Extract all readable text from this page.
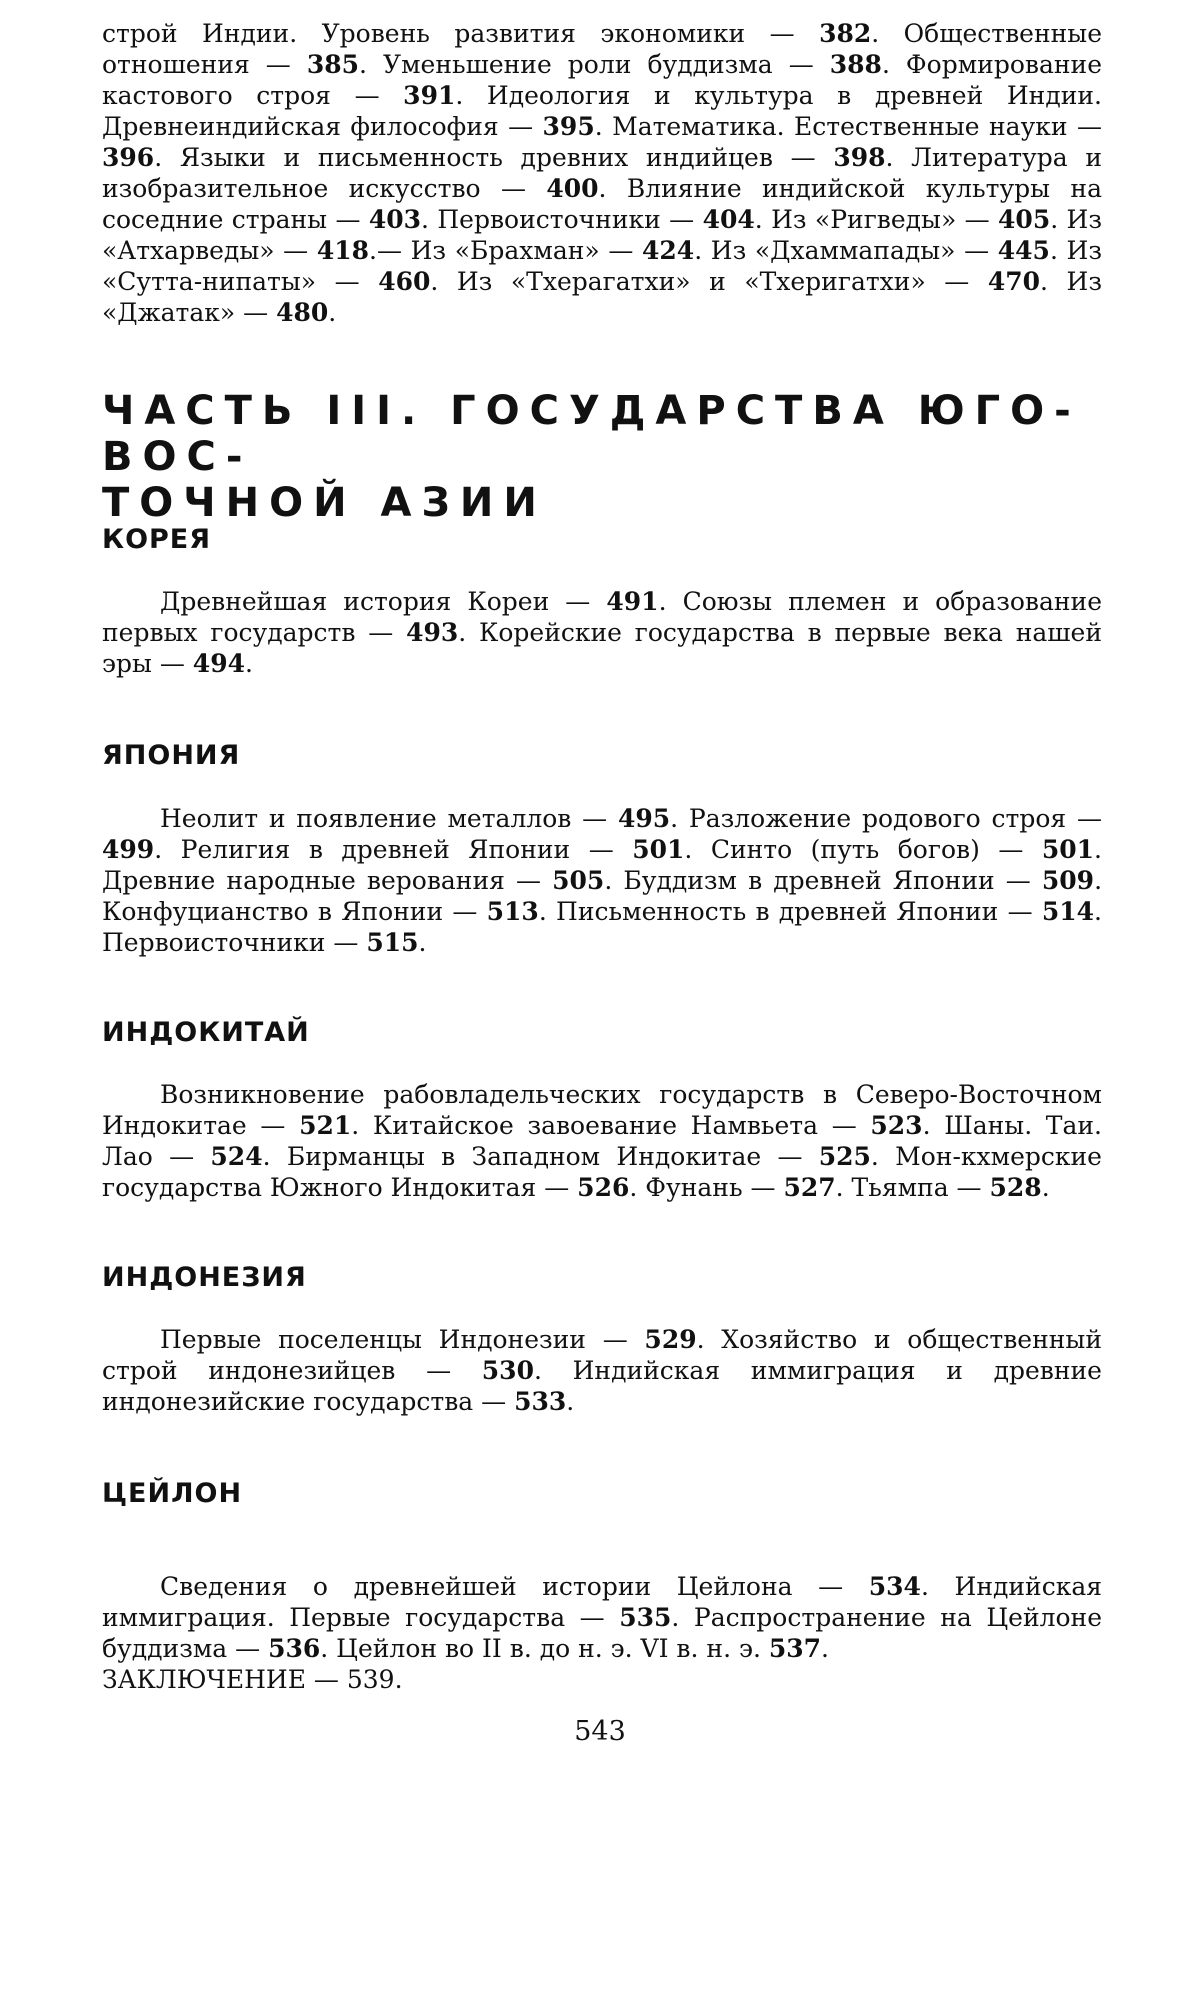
строй Индии. Уровень развития экономики — 382. Общественные отношения — 385. Уменьшение роли буддизма — 388. Формирование кастового строя — 391. Идеология и культура в древней Индии. Древнеиндийская философия — 395. Математика. Естественные науки — 396. Языки и письменность древних индийцев — 398. Литература и изобразительное искусство — 400. Влияние индийской культуры на соседние страны — 403. Первоисточники — 404. Из «Ригведы» — 405. Из «Атхарведы» — 418.— Из «Брахман» — 424. Из «Дхаммапады» — 445. Из «Сутта-нипаты» — 460. Из «Тхерагатхи» и «Тхеригатхи» — 470. Из «Джатак» — 480.
ЧАСТЬ III. ГОСУДАРСТВА ЮГО-ВОС-
ТОЧНОЙ АЗИИ
КОРЕЯ
Древнейшая история Кореи — 491. Союзы племен и образование первых государств — 493. Корейские государства в первые века нашей эры — 494.
ЯПОНИЯ
Неолит и появление металлов — 495. Разложение родового строя — 499. Религия в древней Японии — 501. Синто (путь богов) — 501. Древние народные верования — 505. Буддизм в древней Японии — 509. Конфуцианство в Японии — 513. Письменность в древней Японии — 514. Первоисточники — 515.
ИНДОКИТАЙ
Возникновение рабовладельческих государств в Северо-Восточном Индокитае — 521. Китайское завоевание Намвьета — 523. Шаны. Таи. Лао — 524. Бирманцы в Западном Индокитае — 525. Мон-кхмерские государства Южного Индокитая — 526. Фунань — 527. Тьямпа — 528.
ИНДОНЕЗИЯ
Первые поселенцы Индонезии — 529. Хозяйство и общественный строй индонезийцев — 530. Индийская иммиграция и древние индонезийские государства — 533.
ЦЕЙЛОН
Сведения о древнейшей истории Цейлона — 534. Индийская иммиграция. Первые государства — 535. Распространение на Цейлоне буддизма — 536. Цейлон во II в. до н. э. VI в. н. э. 537.
ЗАКЛЮЧЕНИЕ — 539.
543
